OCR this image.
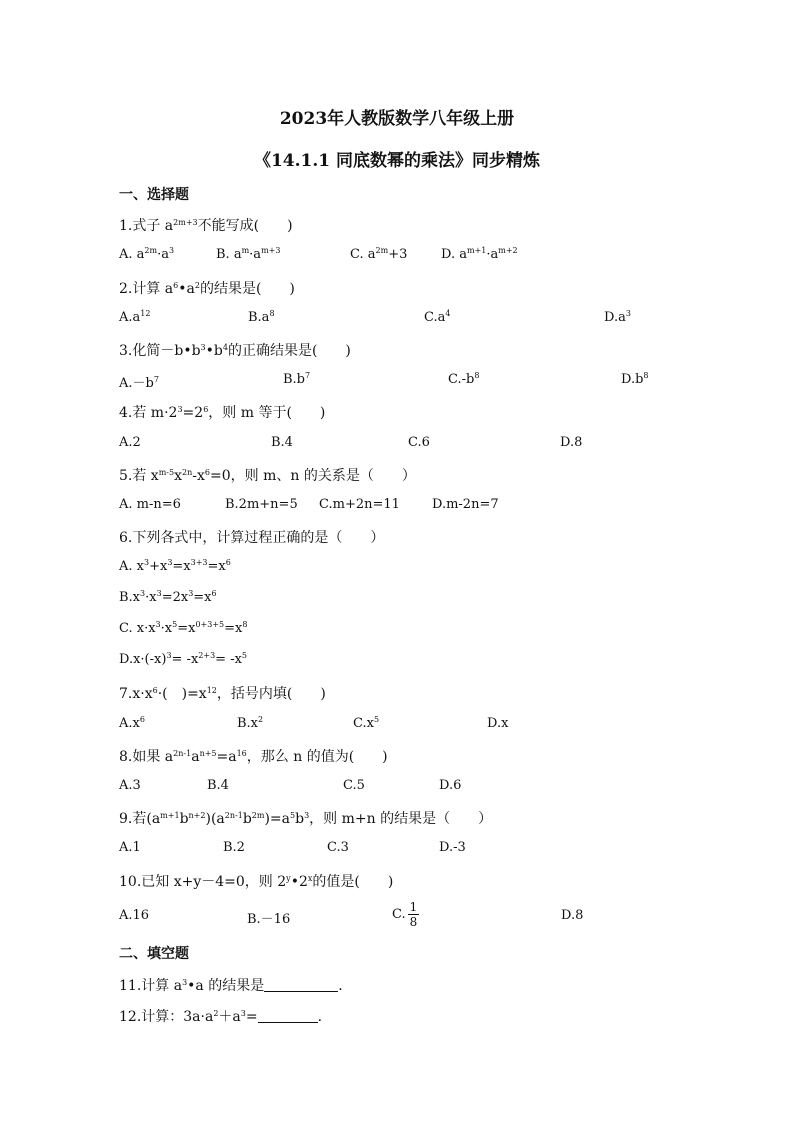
2023年人教版数学八年级上册
《14.1.1 同底数幂的乘法》同步精炼
一、选择题
1.式子 $a^{2m+3}$不能写成(　　)
A. $a^{2m}\cdot a^3$	B. $a^m\cdot a^{m+3}$	C. $a^{2m}+3$	D. $a^{m+1}\cdot a^{m+2}$
2.计算 $a^6•a^2$的结果是(　　)
$A.a^{12}$	$B.a^8$	$C.a^4$	$D.a^3$
3.化简$-b•b^3•b^4$的正确结果是(　　)
$A.-b^7$	$B.b^7$	$C.-b^8$	$D.b^8$
4.若 $m\cdot 2^3=2^6$，则 m 等于(　　)
A.2	B.4	C.6	D.8
5.若 $x^{m-5}x^{2n}-x^6=0$，则 m、n 的关系是（　　）
A. m-n=6	B.2m+n=5 C.m+2n=11 D.m-2n=7
6.下列各式中，计算过程正确的是（　　）
A. $x^3+x^3=x^{3+3}=x^6$
$B.x^3\cdot x^3=2x^3=x^6$
C. $x\cdot x^3\cdot x^5=x^{0+3+5}=x^8$
$D.x\cdot(-x)^3= -x^{2+3}= -x^5$
$7.x\cdot x^6\cdot$(　)$=x^{12}$，括号内填(　　)
$A.x^6$	$B.x^2$	$C.x^5$	D.x
8.如果 $a^{2n-1}a^{n+5}=a^{16}$，那么 n 的值为(　　)
A.3	B.4	C.5	D.6
9.若$(a^{m+1}b^{n+2})(a^{2n-1}b^{2m})=a^5b^3$，则 m+n 的结果是（　　）
A.1	B.2	C.3	D.-3
10.已知 x+y－4=0，则 2$^y$•2$^x$的值是(　　)
A.16	B.－16	C. $\frac{1}{8}$	D.8
二、填空题
11.计算 $a^3•a$ 的结果是	.
12.计算：$3a\cdot a^2+a^3=$	.
